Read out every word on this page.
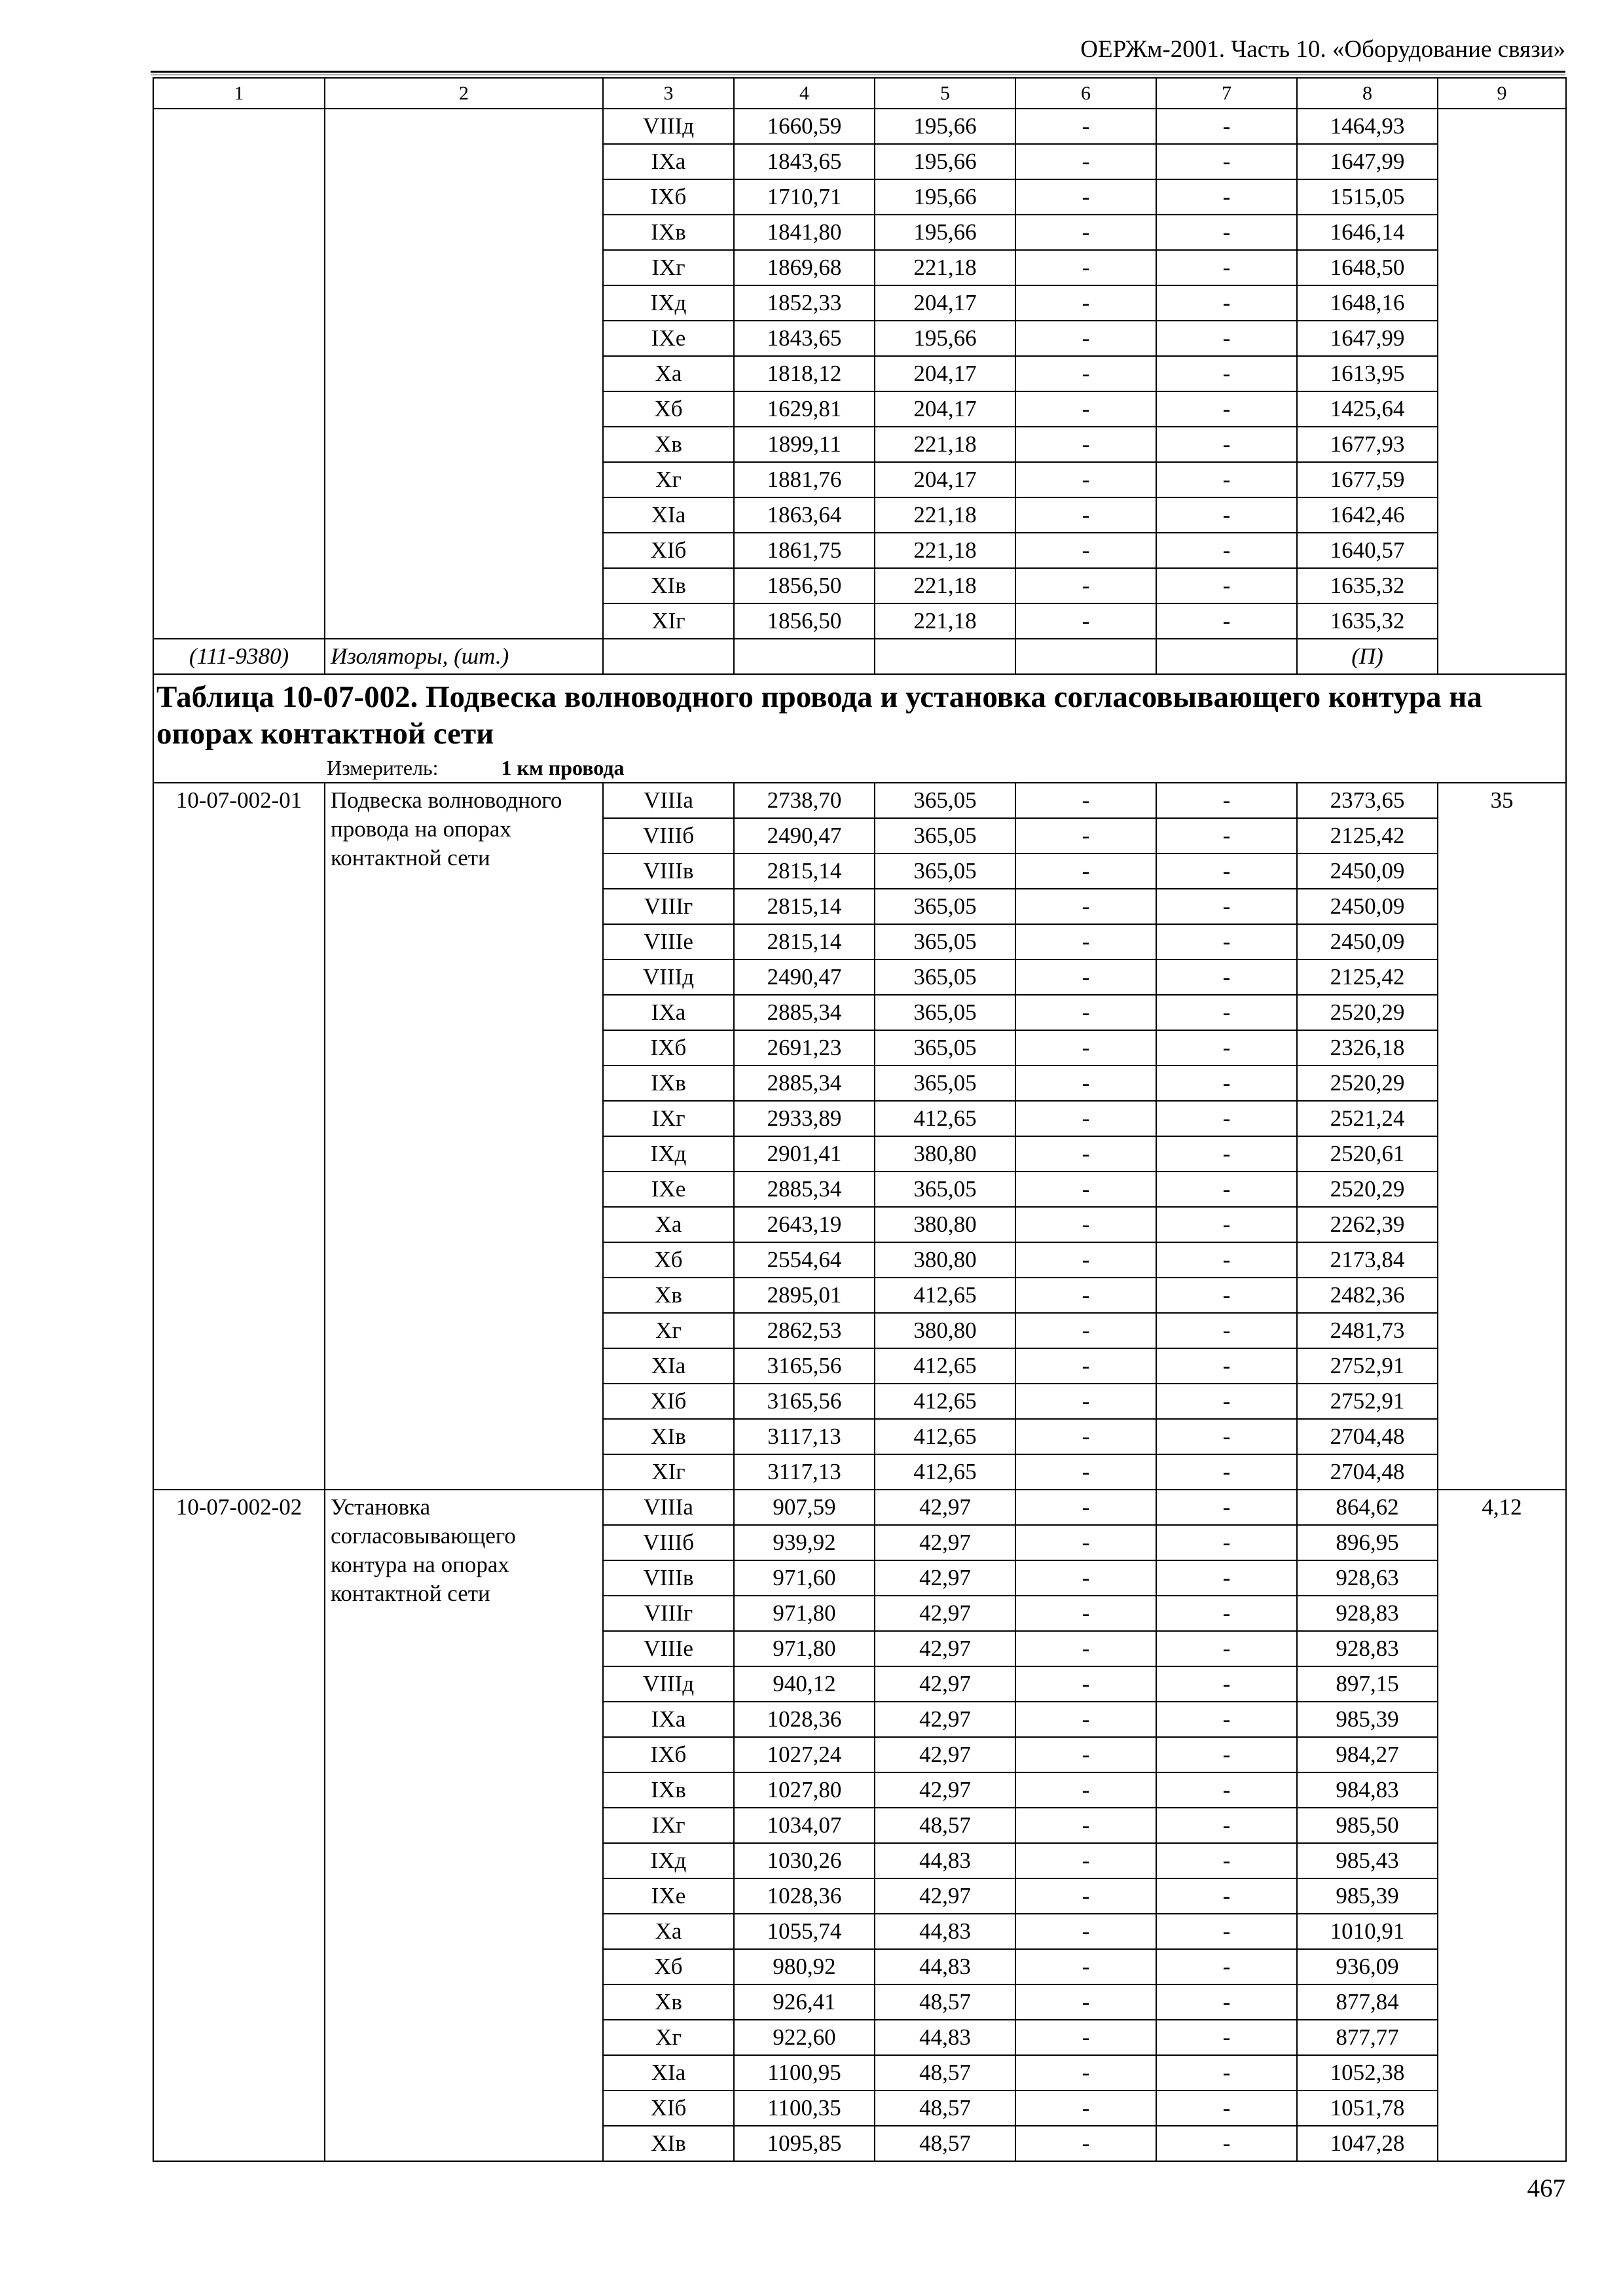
ОЕРЖм-2001. Часть 10. «Оборудование связи»
1	2	3	4	5	6	7	8	9
		VIIIд	1660,59	195,66	-	-	1464,93	
		IXа	1843,65	195,66	-	-	1647,99	
		IXб	1710,71	195,66	-	-	1515,05	
		IXв	1841,80	195,66	-	-	1646,14	
		IXг	1869,68	221,18	-	-	1648,50	
		IXд	1852,33	204,17	-	-	1648,16	
		IXе	1843,65	195,66	-	-	1647,99	
		Xа	1818,12	204,17	-	-	1613,95	
		Xб	1629,81	204,17	-	-	1425,64	
		Xв	1899,11	221,18	-	-	1677,93	
		Xг	1881,76	204,17	-	-	1677,59	
		XIа	1863,64	221,18	-	-	1642,46	
		XIб	1861,75	221,18	-	-	1640,57	
		XIв	1856,50	221,18	-	-	1635,32	
		XIг	1856,50	221,18	-	-	1635,32	
(111-9380)	Изоляторы, (шт.)						(П)	
Таблица 10-07-002. Подвеска волноводного провода и установка согласовывающего контура на опорах контактной сети								
Измеритель: 1 км провода								
10-07-002-01	Подвеска волноводного провода на опорах контактной сети	VIIIа	2738,70	365,05	-	-	2373,65	35
		VIIIб	2490,47	365,05	-	-	2125,42	
		VIIIв	2815,14	365,05	-	-	2450,09	
		VIIIг	2815,14	365,05	-	-	2450,09	
		VIIIе	2815,14	365,05	-	-	2450,09	
		VIIIд	2490,47	365,05	-	-	2125,42	
		IXа	2885,34	365,05	-	-	2520,29	
		IXб	2691,23	365,05	-	-	2326,18	
		IXв	2885,34	365,05	-	-	2520,29	
		IXг	2933,89	412,65	-	-	2521,24	
		IXд	2901,41	380,80	-	-	2520,61	
		IXе	2885,34	365,05	-	-	2520,29	
		Xа	2643,19	380,80	-	-	2262,39	
		Xб	2554,64	380,80	-	-	2173,84	
		Xв	2895,01	412,65	-	-	2482,36	
		Xг	2862,53	380,80	-	-	2481,73	
		XIа	3165,56	412,65	-	-	2752,91	
		XIб	3165,56	412,65	-	-	2752,91	
		XIв	3117,13	412,65	-	-	2704,48	
		XIг	3117,13	412,65	-	-	2704,48	
10-07-002-02	Установка согласовывающего контура на опорах контактной сети	VIIIа	907,59	42,97	-	-	864,62	4,12
		VIIIб	939,92	42,97	-	-	896,95	
		VIIIв	971,60	42,97	-	-	928,63	
		VIIIг	971,80	42,97	-	-	928,83	
		VIIIе	971,80	42,97	-	-	928,83	
		VIIIд	940,12	42,97	-	-	897,15	
		IXа	1028,36	42,97	-	-	985,39	
		IXб	1027,24	42,97	-	-	984,27	
		IXв	1027,80	42,97	-	-	984,83	
		IXг	1034,07	48,57	-	-	985,50	
		IXд	1030,26	44,83	-	-	985,43	
		IXе	1028,36	42,97	-	-	985,39	
		Xа	1055,74	44,83	-	-	1010,91	
		Xб	980,92	44,83	-	-	936,09	
		Xв	926,41	48,57	-	-	877,84	
		Xг	922,60	44,83	-	-	877,77	
		XIа	1100,95	48,57	-	-	1052,38	
		XIб	1100,35	48,57	-	-	1051,78	
		XIв	1095,85	48,57	-	-	1047,28	
467
